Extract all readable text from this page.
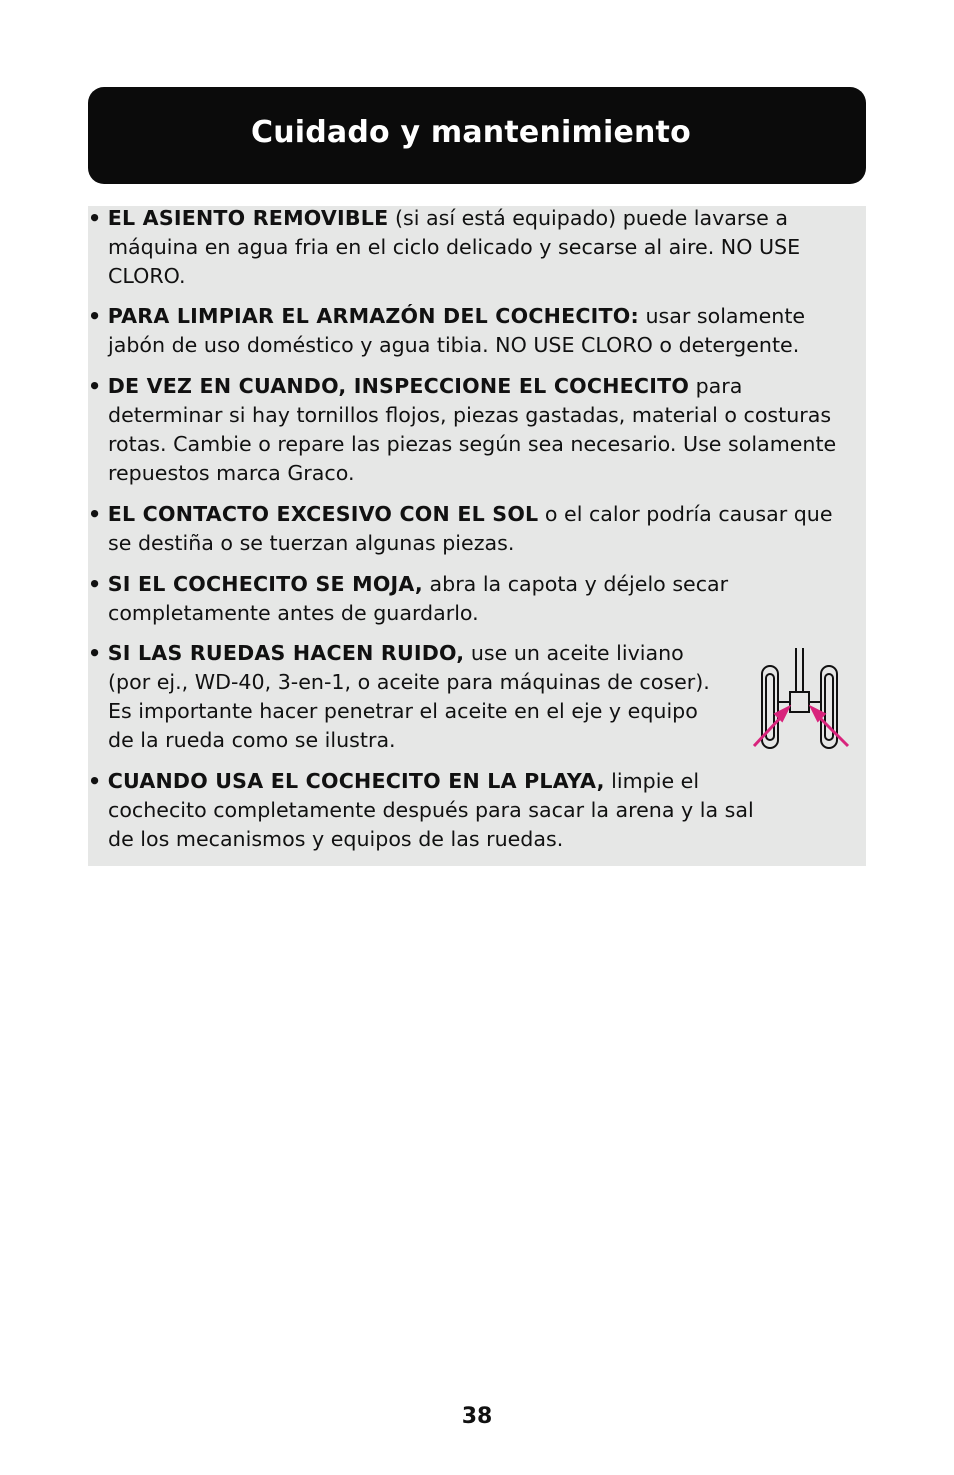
Cuidado y mantenimiento
• EL ASIENTO REMOVIBLE (si así está equipado) puede lavarse a
máquina en agua fria en el ciclo delicado y secarse al aire. NO USE
CLORO.
• PARA LIMPIAR EL ARMAZÓN DEL COCHECITO: usar solamente
jabón de uso doméstico y agua tibia. NO USE CLORO o detergente.
• DE VEZ EN CUANDO, INSPECCIONE EL COCHECITO para
determinar si hay tornillos flojos, piezas gastadas, material o costuras
rotas. Cambie o repare las piezas según sea necesario. Use solamente
repuestos marca Graco.
• EL CONTACTO EXCESIVO CON EL SOL o el calor podría causar que
se destiña o se tuerzan algunas piezas.
• SI EL COCHECITO SE MOJA, abra la capota y déjelo secar
completamente antes de guardarlo.
• SI LAS RUEDAS HACEN RUIDO, use un aceite liviano
(por ej., WD-40, 3-en-1, o aceite para máquinas de coser).
Es importante hacer penetrar el aceite en el eje y equipo
de la rueda como se ilustra.
• CUANDO USA EL COCHECITO EN LA PLAYA, limpie el
cochecito completamente después para sacar la arena y la sal
de los mecanismos y equipos de las ruedas.
38
